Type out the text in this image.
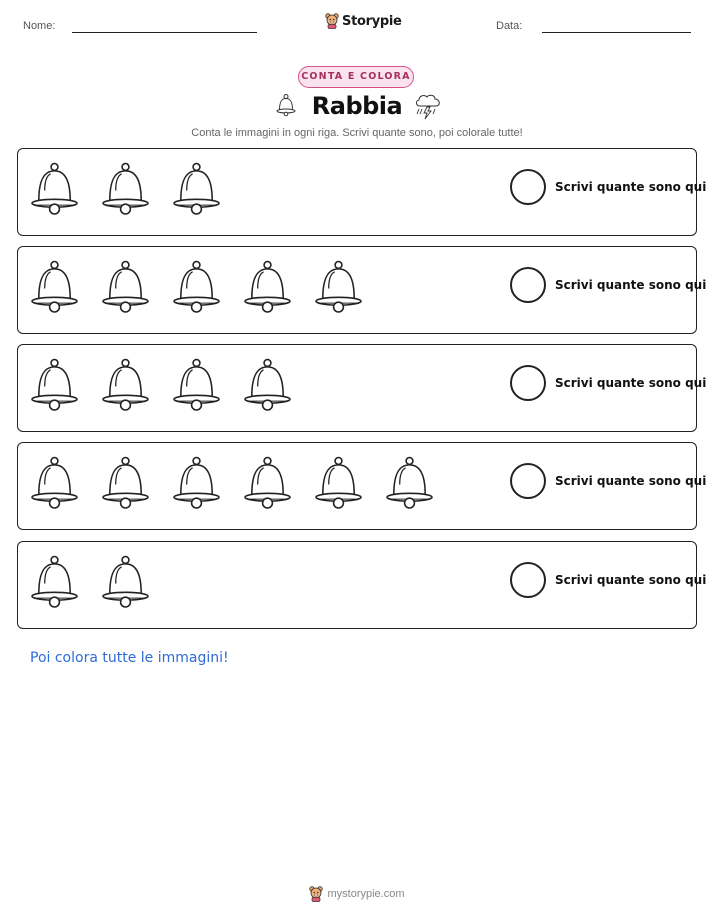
Nome:	Storypie	Data:
CONTA E COLORA
Rabbia
Conta le immagini in ogni riga. Scrivi quante sono, poi colorale tutte!
Scrivi quante sono qui
Scrivi quante sono qui
Scrivi quante sono qui
Scrivi quante sono qui
Scrivi quante sono qui
Poi colora tutte le immagini!
mystorypie.com
